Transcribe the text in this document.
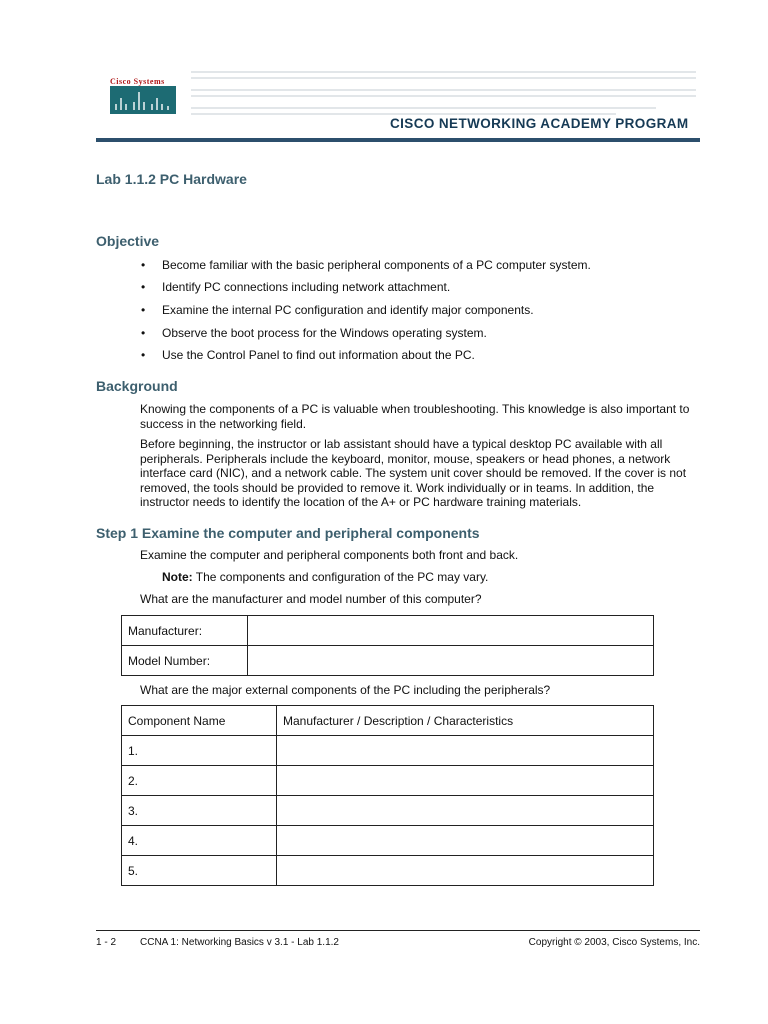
Cisco Systems
CISCO NETWORKING ACADEMY PROGRAM
Lab 1.1.2 PC Hardware
Objective
• Become familiar with the basic peripheral components of a PC computer system.
• Identify PC connections including network attachment.
• Examine the internal PC configuration and identify major components.
• Observe the boot process for the Windows operating system.
• Use the Control Panel to find out information about the PC.
Background
Knowing the components of a PC is valuable when troubleshooting. This knowledge is also important to success in the networking field.
Before beginning, the instructor or lab assistant should have a typical desktop PC available with all peripherals. Peripherals include the keyboard, monitor, mouse, speakers or head phones, a network interface card (NIC), and a network cable. The system unit cover should be removed. If the cover is not removed, the tools should be provided to remove it. Work individually or in teams. In addition, the instructor needs to identify the location of the A+ or PC hardware training materials.
Step 1 Examine the computer and peripheral components
Examine the computer and peripheral components both front and back.
Note: The components and configuration of the PC may vary.
What are the manufacturer and model number of this computer?
Manufacturer:	
Model Number:	
What are the major external components of the PC including the peripherals?
Component Name	Manufacturer / Description / Characteristics
1.	
2.	
3.	
4.	
5.	
1 - 2 CCNA 1: Networking Basics v 3.1 - Lab 1.1.2	Copyright © 2003, Cisco Systems, Inc.
